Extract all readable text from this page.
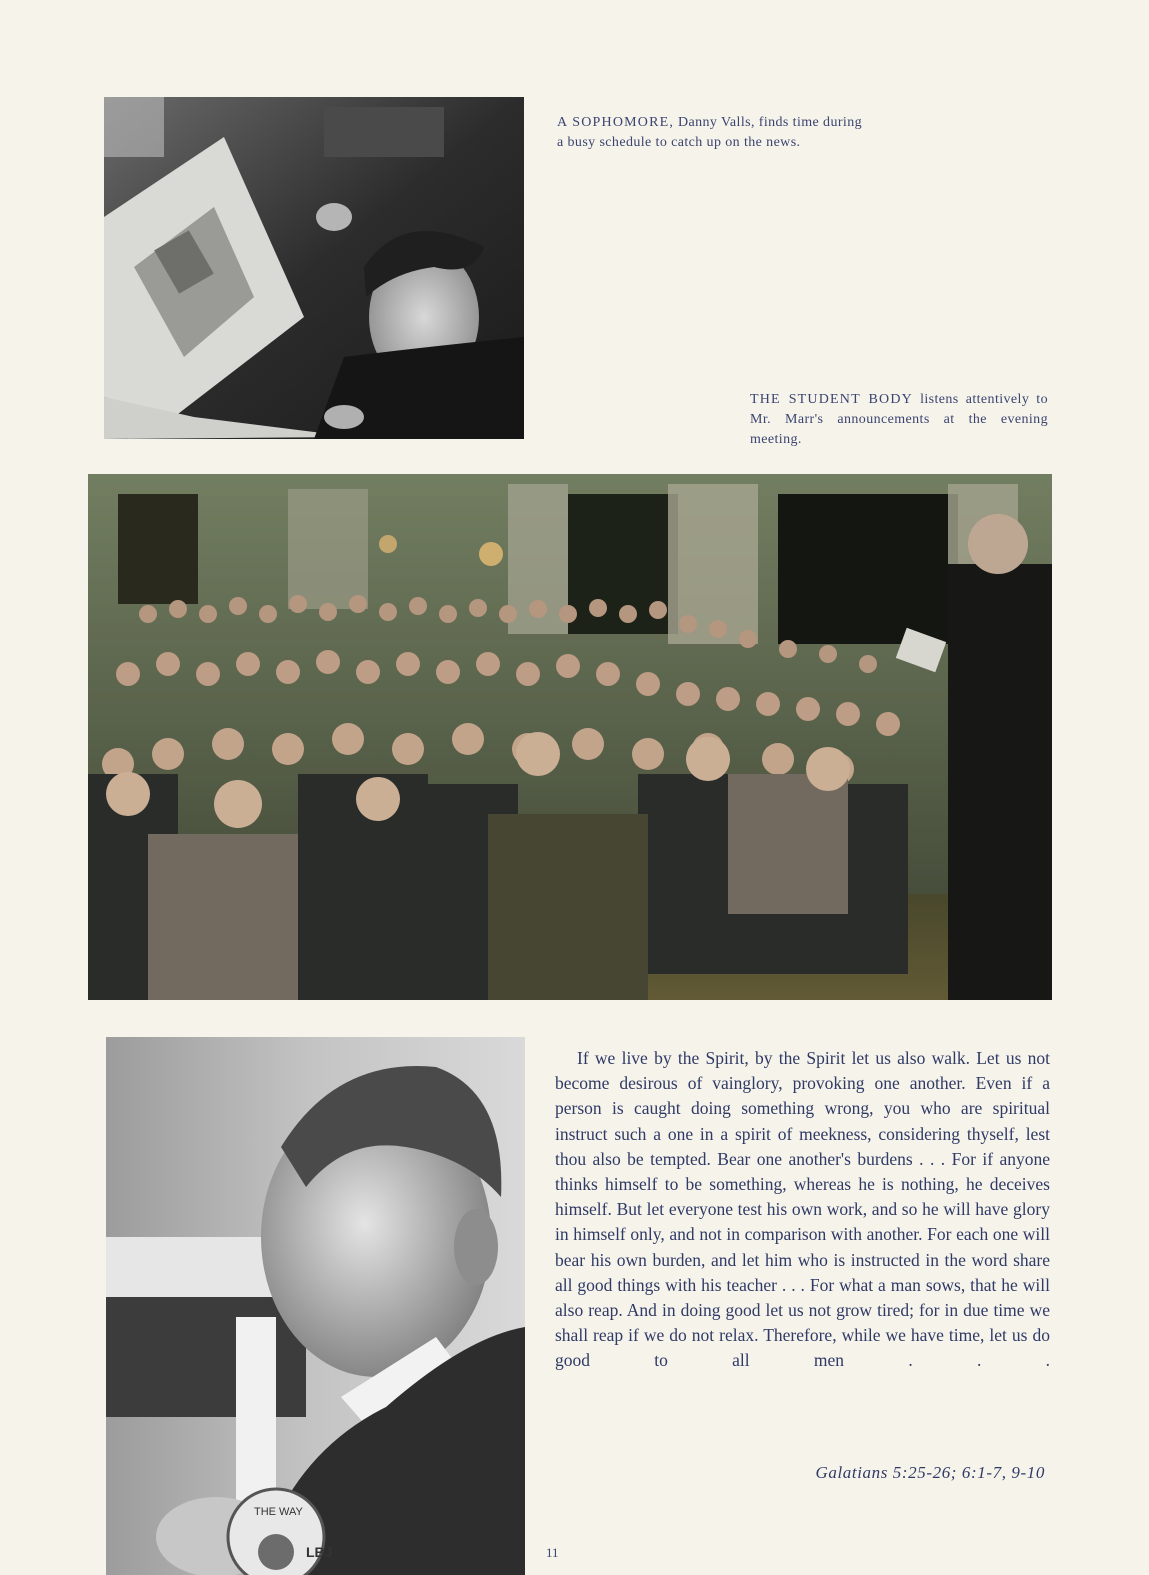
A SOPHOMORE, Danny Valls, finds time during a busy schedule to catch up on the news.
THE STUDENT BODY listens attentively to Mr. Marr's announcements at the evening meeting.
THE WAY
LBJ

If we live by the Spirit, by the Spirit let us also walk. Let us not become desirous of vainglory, provoking one another. Even if a person is caught doing something wrong, you who are spiritual instruct such a one in a spirit of meekness, considering thyself, lest thou also be tempted. Bear one another's burdens . . . For if anyone thinks himself to be something, whereas he is nothing, he deceives himself. But let everyone test his own work, and so he will have glory in himself only, and not in comparison with another. For each one will bear his own burden, and let him who is instructed in the word share all good things with his teacher . . . For what a man sows, that he will also reap. And in doing good let us not grow tired; for in due time we shall reap if we do not relax. Therefore, while we have time, let us do good to all men . . .

Galatians 5:25-26; 6:1-7, 9-10
11
